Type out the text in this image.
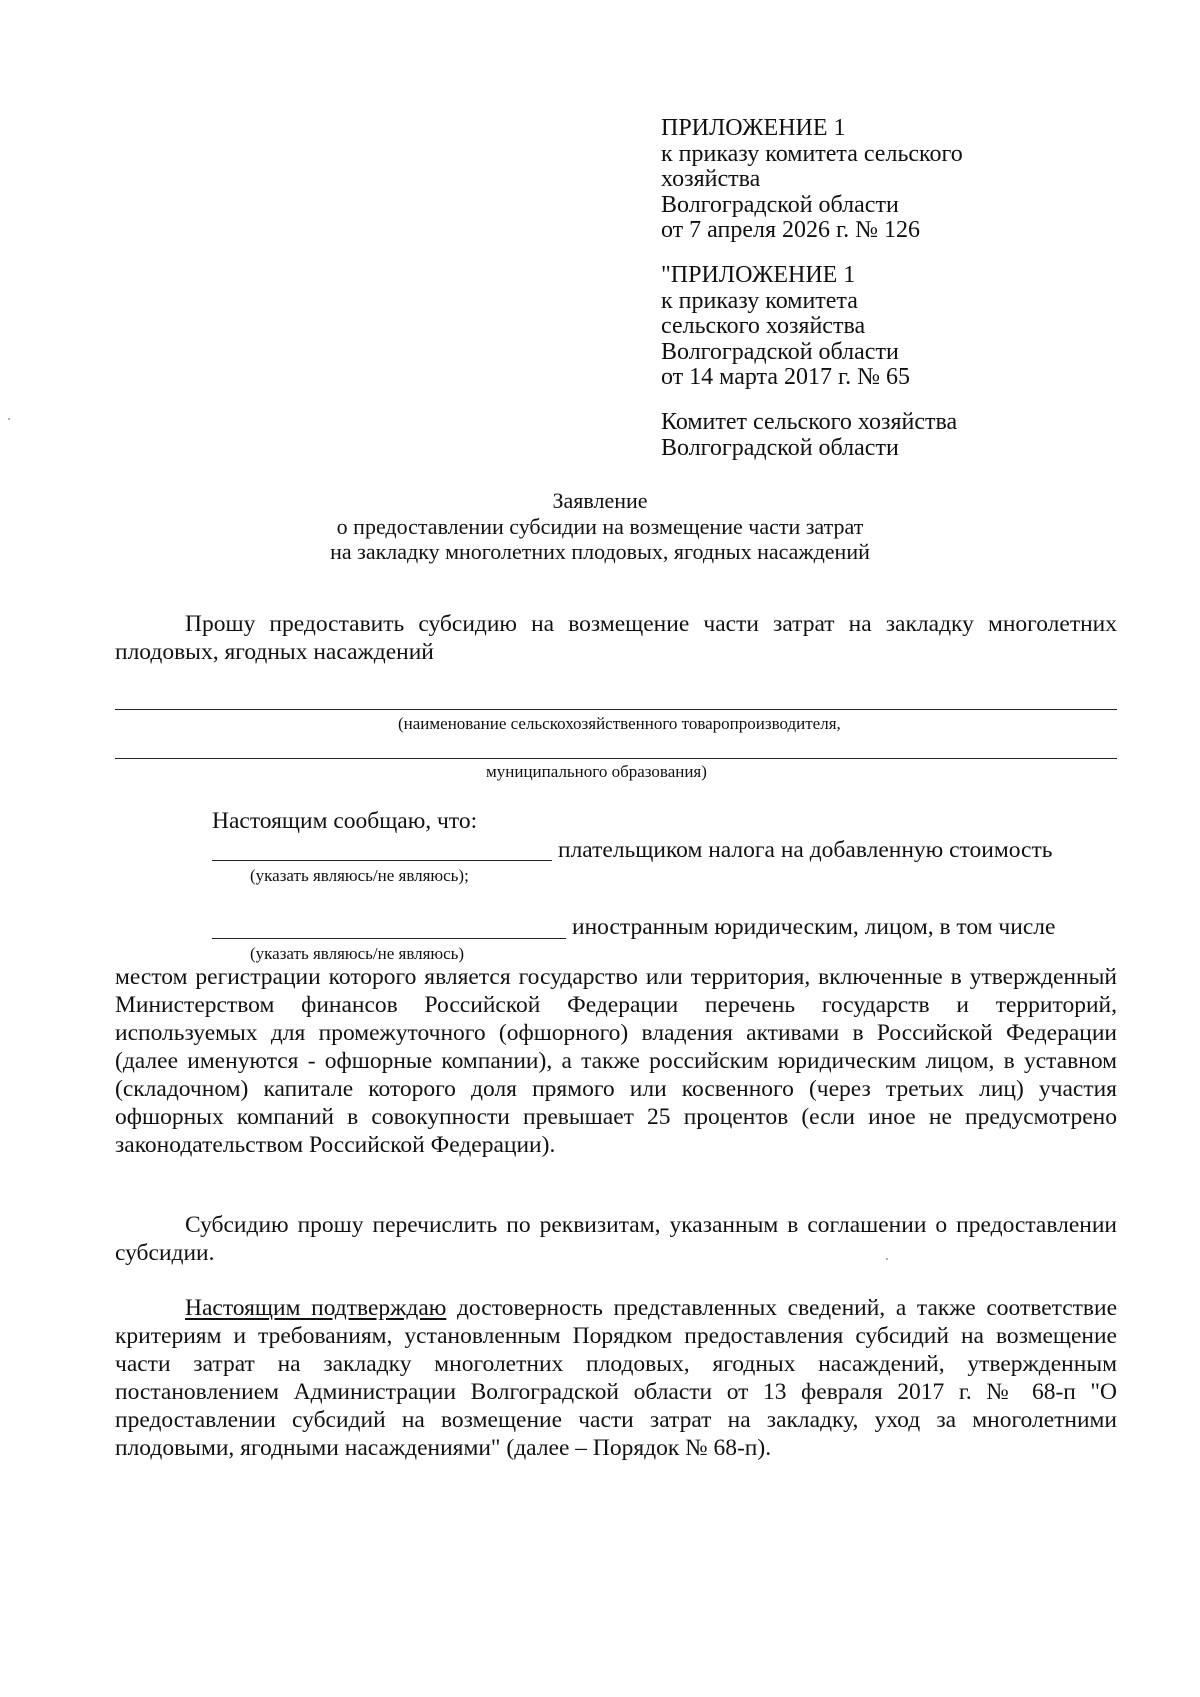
ПРИЛОЖЕНИЕ 1
к приказу комитета сельского
хозяйства
Волгоградской области
от 7 апреля 2026 г. № 126
"ПРИЛОЖЕНИЕ 1
к приказу комитета
сельского хозяйства
Волгоградской области
от 14 марта 2017 г. № 65
Комитет сельского хозяйства
Волгоградской области
Заявление
о предоставлении субсидии на возмещение части затрат
на закладку многолетних плодовых, ягодных насаждений
Прошу предоставить субсидию на возмещение части затрат на закладку многолетних
плодовых, ягодных насаждений
(наименование сельскохозяйственного товаропроизводителя,
муниципального образования)
Настоящим сообщаю, что:
плательщиком налога на добавленную стоимость
(указать являюсь/не являюсь);
иностранным юридическим, лицом, в том числе
(указать являюсь/не являюсь)
местом регистрации которого является государство или территория, включенные в утвержденный Министерством финансов Российской Федерации перечень государств и территорий, используемых для промежуточного (офшорного) владения активами в Российской Федерации (далее именуются - офшорные компании), а также российским юридическим лицом, в уставном (складочном) капитале которого доля прямого или косвенного (через третьих лиц) участия офшорных компаний в совокупности превышает 25 процентов (если иное не предусмотрено законодательством Российской Федерации).
Субсидию прошу перечислить по реквизитам, указанным в соглашении о предоставлении субсидии.
Настоящим подтверждаю достоверность представленных сведений, а также соответствие критериям и требованиям, установленным Порядком предоставления субсидий на возмещение части затрат на закладку многолетних плодовых, ягодных насаждений, утвержденным постановлением Администрации Волгоградской области от 13 февраля 2017 г. № 68-п "О предоставлении субсидий на возмещение части затрат на закладку, уход за многолетними плодовыми, ягодными насаждениями" (далее – Порядок № 68-п).
